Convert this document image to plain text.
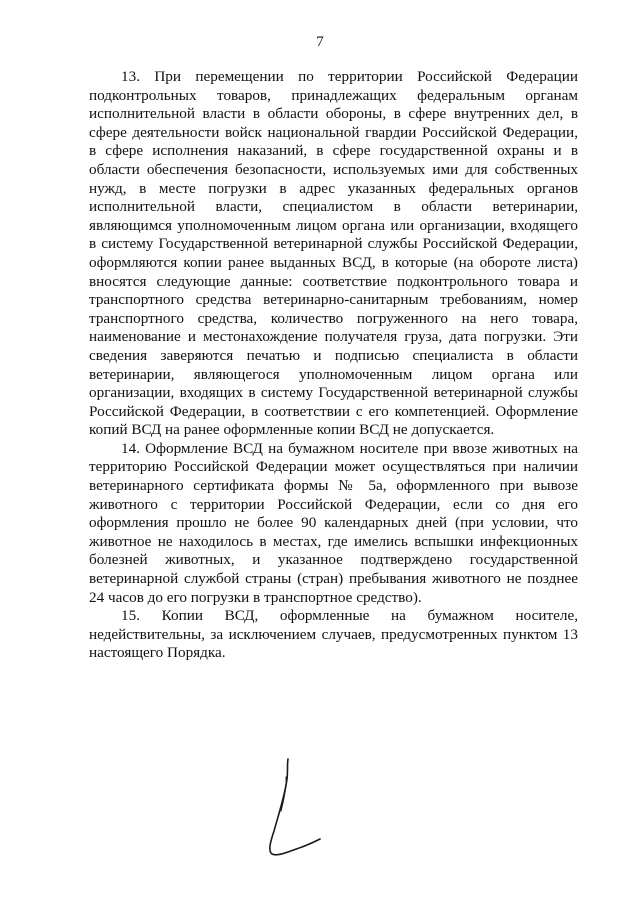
7

13. При перемещении по территории Российской Федерации подконтрольных товаров, принадлежащих федеральным органам исполнительной власти в области обороны, в сфере внутренних дел, в сфере деятельности войск национальной гвардии Российской Федерации, в сфере исполнения наказаний, в сфере государственной охраны и в области обеспечения безопасности, используемых ими для собственных нужд, в месте погрузки в адрес указанных федеральных органов исполнительной власти, специалистом в области ветеринарии, являющимся уполномоченным лицом органа или организации, входящего в систему Государственной ветеринарной службы Российской Федерации, оформляются копии ранее выданных ВСД, в которые (на обороте листа) вносятся следующие данные: соответствие подконтрольного товара и транспортного средства ветеринарно-санитарным требованиям, номер транспортного средства, количество погруженного на него товара, наименование и местонахождение получателя груза, дата погрузки. Эти сведения заверяются печатью и подписью специалиста в области ветеринарии, являющегося уполномоченным лицом органа или организации, входящих в систему Государственной ветеринарной службы Российской Федерации, в соответствии с его компетенцией. Оформление копий ВСД на ранее оформленные копии ВСД не допускается.

14. Оформление ВСД на бумажном носителе при ввозе животных на территорию Российской Федерации может осуществляться при наличии ветеринарного сертификата формы № 5а, оформленного при вывозе животного с территории Российской Федерации, если со дня его оформления прошло не более 90 календарных дней (при условии, что животное не находилось в местах, где имелись вспышки инфекционных болезней животных, и указанное подтверждено государственной ветеринарной службой страны (стран) пребывания животного не позднее 24 часов до его погрузки в транспортное средство).

15. Копии ВСД, оформленные на бумажном носителе, недействительны, за исключением случаев, предусмотренных пунктом 13 настоящего Порядка.
